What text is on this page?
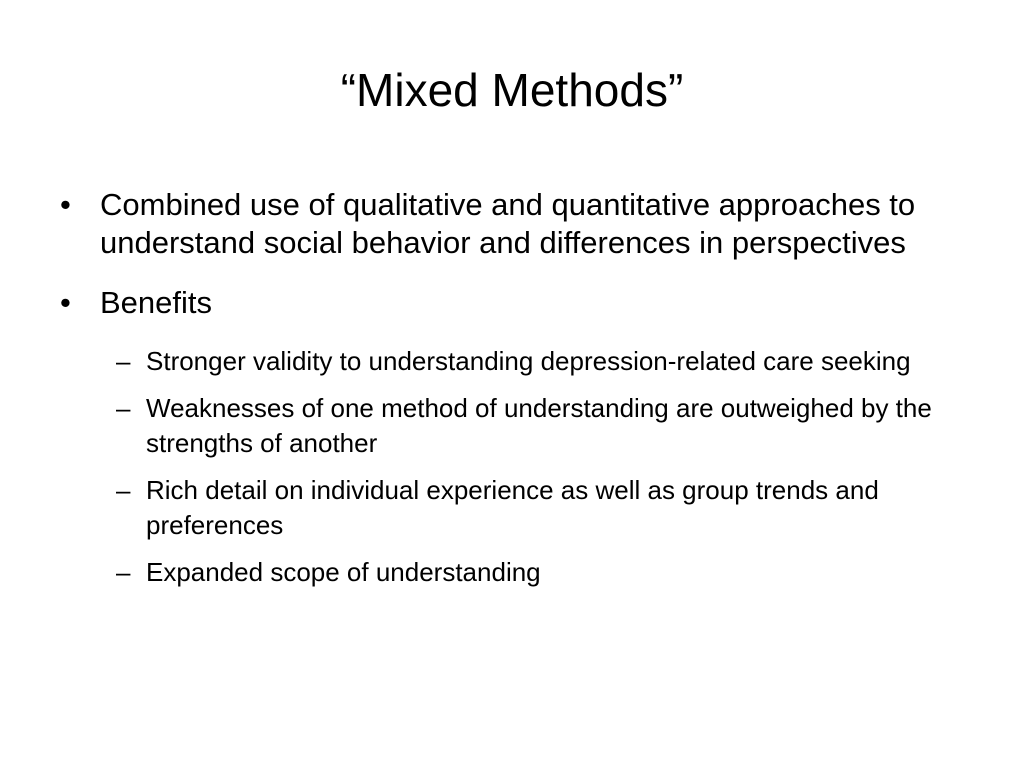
“Mixed Methods”
• Combined use of qualitative and quantitative approaches to understand social behavior and differences in perspectives
• Benefits
– Stronger validity to understanding depression-related care seeking
– Weaknesses of one method of understanding are outweighed by the strengths of another
– Rich detail on individual experience as well as group trends and preferences
– Expanded scope of understanding
